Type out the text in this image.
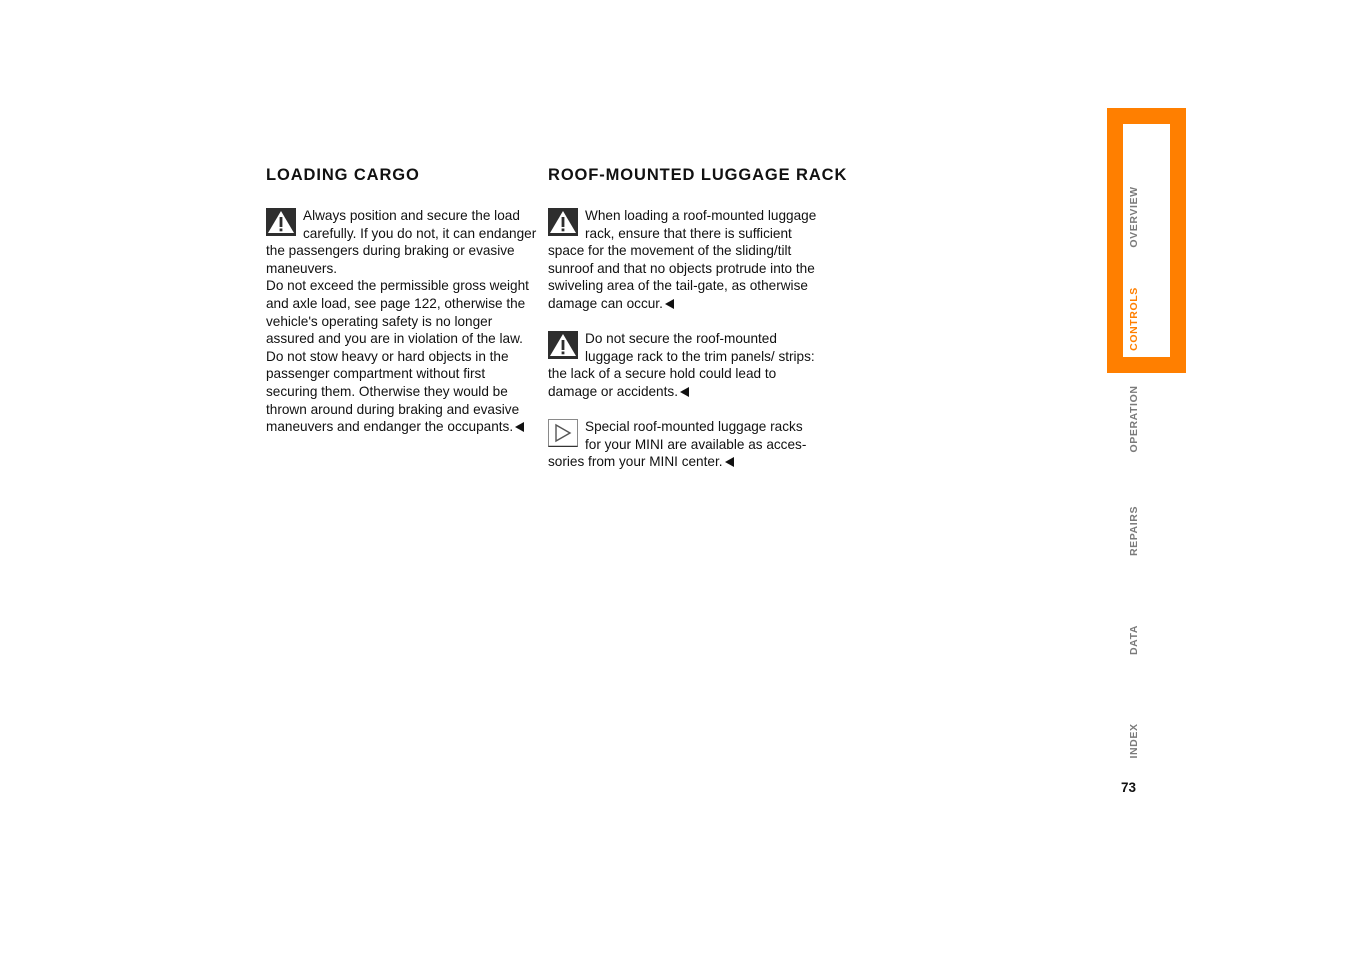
LOADING CARGO

Always position and secure the load carefully. If you do not, it can endanger the passengers during braking or evasive maneuvers.

Do not exceed the permissible gross weight and axle load, see page 122, otherwise the vehicle's operating safety is no longer assured and you are in violation of the law.

Do not stow heavy or hard objects in the passenger compartment without first securing them. Otherwise they would be thrown around during braking and evasive maneuvers and endanger the occupants.

ROOF-MOUNTED LUGGAGE RACK

When loading a roof-mounted luggage rack, ensure that there is sufficient space for the movement of the sliding/tilt sunroof and that no objects protrude into the swiveling area of the tail-gate, as otherwise damage can occur.

Do not secure the roof-mounted luggage rack to the trim panels/ strips: the lack of a secure hold could lead to damage or accidents.

Special roof-mounted luggage racks for your MINI are available as acces-sories from your MINI center.

OVERVIEW
CONTROLS
OPERATION
REPAIRS
DATA
INDEX
73
